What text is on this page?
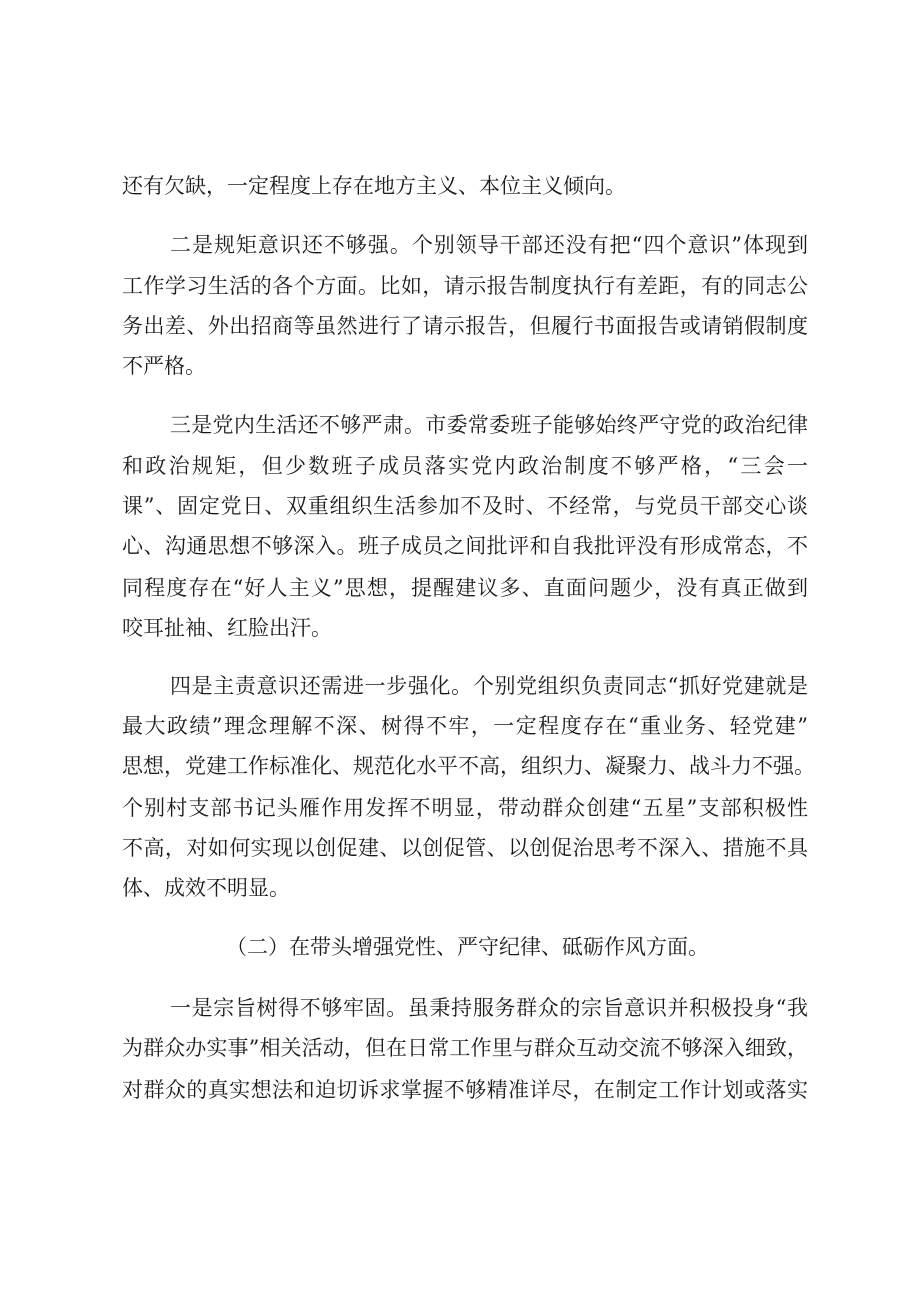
还有欠缺，一定程度上存在地方主义、本位主义倾向。
二是规矩意识还不够强。个别领导干部还没有把“四个意识”体现到
工作学习生活的各个方面。比如，请示报告制度执行有差距，有的同志公
务出差、外出招商等虽然进行了请示报告，但履行书面报告或请销假制度
不严格。
三是党内生活还不够严肃。市委常委班子能够始终严守党的政治纪律
和政治规矩，但少数班子成员落实党内政治制度不够严格，“三会一
课”、固定党日、双重组织生活参加不及时、不经常，与党员干部交心谈
心、沟通思想不够深入。班子成员之间批评和自我批评没有形成常态，不
同程度存在“好人主义”思想，提醒建议多、直面问题少，没有真正做到
咬耳扯袖、红脸出汗。
四是主责意识还需进一步强化。个别党组织负责同志“抓好党建就是
最大政绩”理念理解不深、树得不牢，一定程度存在“重业务、轻党建”
思想，党建工作标准化、规范化水平不高，组织力、凝聚力、战斗力不强。
个别村支部书记头雁作用发挥不明显，带动群众创建“五星”支部积极性
不高，对如何实现以创促建、以创促管、以创促治思考不深入、措施不具
体、成效不明显。
（二）在带头增强党性、严守纪律、砥砺作风方面。
一是宗旨树得不够牢固。虽秉持服务群众的宗旨意识并积极投身“我
为群众办实事”相关活动，但在日常工作里与群众互动交流不够深入细致，
对群众的真实想法和迫切诉求掌握不够精准详尽，在制定工作计划或落实
